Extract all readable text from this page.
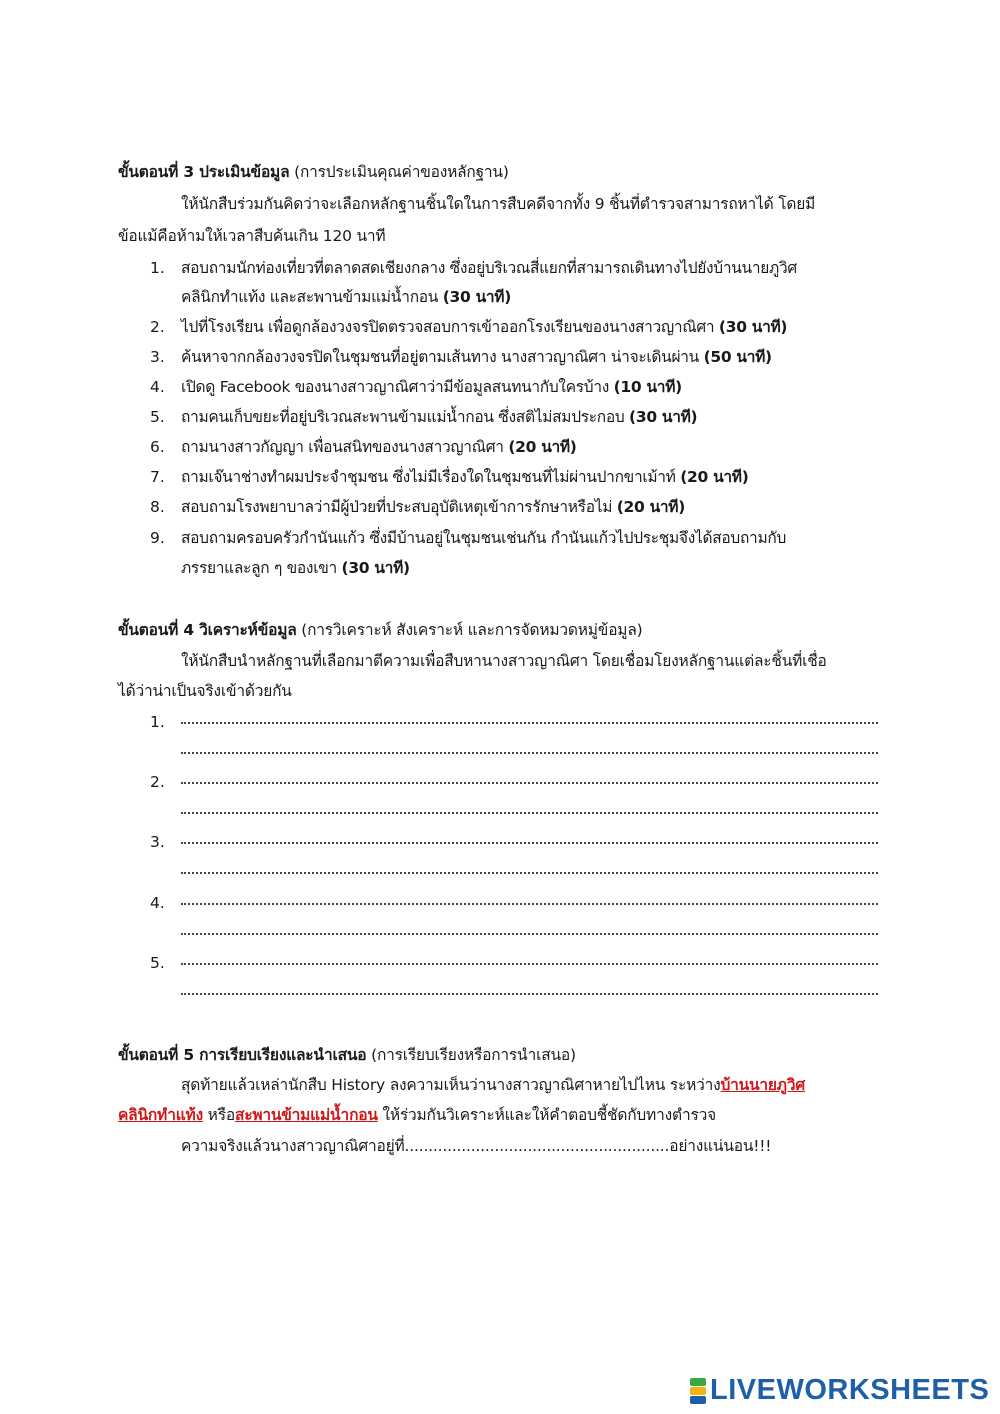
ขั้นตอนที่ 3 ประเมินข้อมูล (การประเมินคุณค่าของหลักฐาน)
ให้นักสืบร่วมกันคิดว่าจะเลือกหลักฐานชิ้นใดในการสืบคดีจากทั้ง 9 ชิ้นที่ตำรวจสามารถหาได้ โดยมี
ข้อแม้คือห้ามให้เวลาสืบค้นเกิน 120 นาที
1. สอบถามนักท่องเที่ยวที่ตลาดสดเชียงกลาง ซึ่งอยู่บริเวณสี่แยกที่สามารถเดินทางไปยังบ้านนายภูวิศ
คลินิกทำแท้ง และสะพานข้ามแม่น้ำกอน (30 นาที)
2. ไปที่โรงเรียน เพื่อดูกล้องวงจรปิดตรวจสอบการเข้าออกโรงเรียนของนางสาวญาณิศา (30 นาที)
3. ค้นหาจากกล้องวงจรปิดในชุมชนที่อยู่ตามเส้นทาง นางสาวญาณิศา น่าจะเดินผ่าน (50 นาที)
4. เปิดดู Facebook ของนางสาวญาณิศาว่ามีข้อมูลสนทนากับใครบ้าง (10 นาที)
5. ถามคนเก็บขยะที่อยู่บริเวณสะพานข้ามแม่น้ำกอน ซึ่งสติไม่สมประกอบ (30 นาที)
6. ถามนางสาวกัญญา เพื่อนสนิทของนางสาวญาณิศา (20 นาที)
7. ถามเจ๊นาช่างทำผมประจำชุมชน ซึ่งไม่มีเรื่องใดในชุมชนที่ไม่ผ่านปากขาเม้าท์ (20 นาที)
8. สอบถามโรงพยาบาลว่ามีผู้ป่วยที่ประสบอุบัติเหตุเข้าการรักษาหรือไม่ (20 นาที)
9. สอบถามครอบครัวกำนันแก้ว ซึ่งมีบ้านอยู่ในชุมชนเช่นกัน กำนันแก้วไปประชุมจึงได้สอบถามกับ
ภรรยาและลูก ๆ ของเขา (30 นาที)
ขั้นตอนที่ 4 วิเคราะห์ข้อมูล (การวิเคราะห์ สังเคราะห์ และการจัดหมวดหมู่ข้อมูล)
ให้นักสืบนำหลักฐานที่เลือกมาตีความเพื่อสืบหานางสาวญาณิศา โดยเชื่อมโยงหลักฐานแต่ละชิ้นที่เชื่อ
ได้ว่าน่าเป็นจริงเข้าด้วยกัน
1.
2.
3.
4.
5.
ขั้นตอนที่ 5 การเรียบเรียงและนำเสนอ (การเรียบเรียงหรือการนำเสนอ)
สุดท้ายแล้วเหล่านักสืบ History ลงความเห็นว่านางสาวญาณิศาหายไปไหน ระหว่างบ้านนายภูวิศ
คลินิกทำแท้ง หรือสะพานข้ามแม่น้ำกอน ให้ร่วมกันวิเคราะห์และให้คำตอบชี้ชัดกับทางตำรวจ
ความจริงแล้วนางสาวญาณิศาอยู่ที่........................................................อย่างแน่นอน!!!
LIVEWORKSHEETS
